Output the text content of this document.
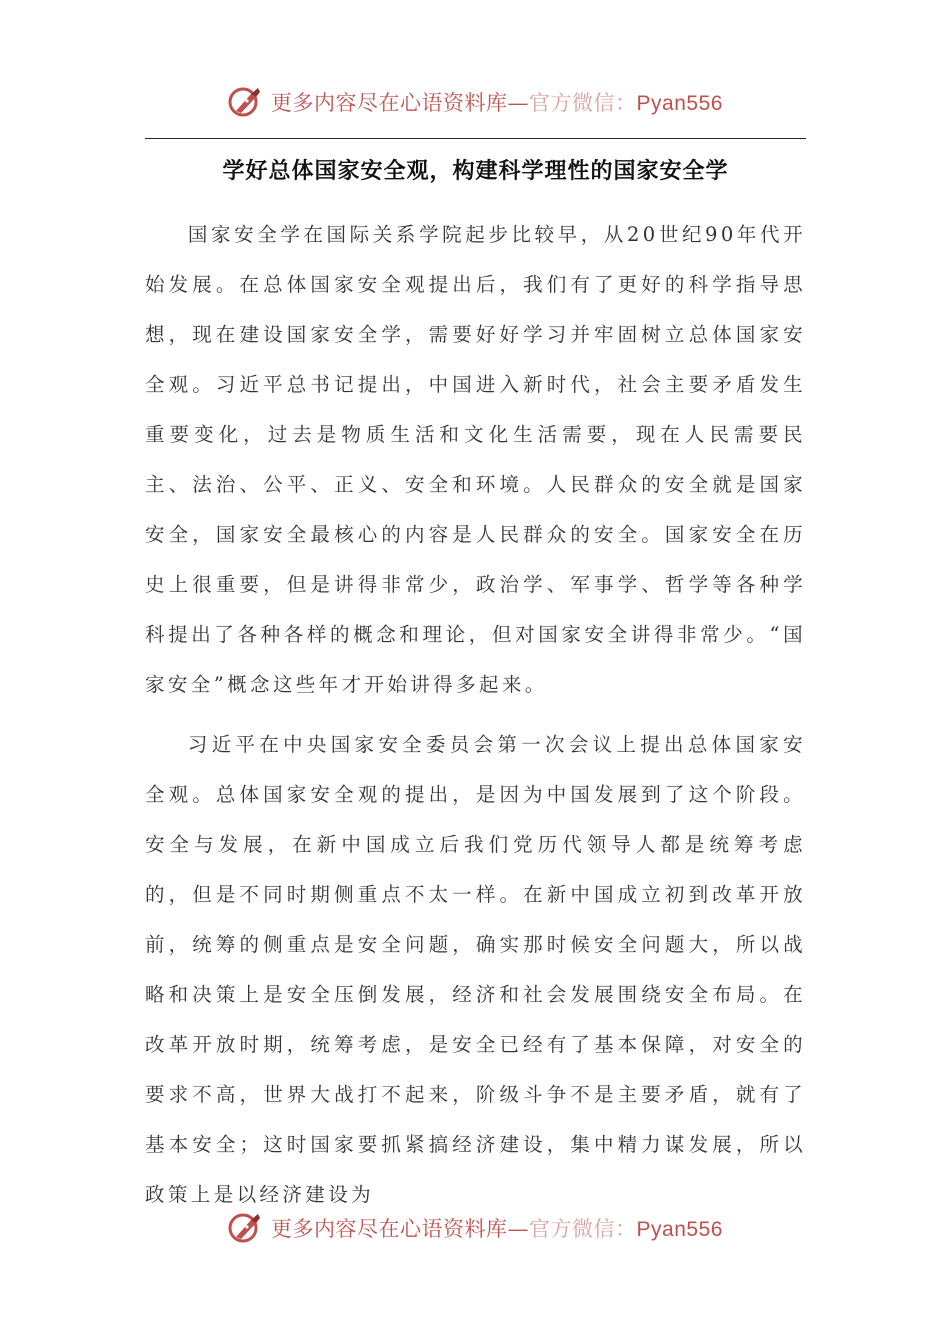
更多内容尽在心语资料库—官方微信：Pyan556
学好总体国家安全观，构建科学理性的国家安全学

国家安全学在国际关系学院起步比较早，从20世纪90年代开始发展。在总体国家安全观提出后，我们有了更好的科学指导思想，现在建设国家安全学，需要好好学习并牢固树立总体国家安全观。习近平总书记提出，中国进入新时代，社会主要矛盾发生重要变化，过去是物质生活和文化生活需要，现在人民需要民主、法治、公平、正义、安全和环境。人民群众的安全就是国家安全，国家安全最核心的内容是人民群众的安全。国家安全在历史上很重要，但是讲得非常少，政治学、军事学、哲学等各种学科提出了各种各样的概念和理论，但对国家安全讲得非常少。“国家安全”概念这些年才开始讲得多起来。

习近平在中央国家安全委员会第一次会议上提出总体国家安全观。总体国家安全观的提出，是因为中国发展到了这个阶段。安全与发展，在新中国成立后我们党历代领导人都是统筹考虑的，但是不同时期侧重点不太一样。在新中国成立初到改革开放前，统筹的侧重点是安全问题，确实那时候安全问题大，所以战略和决策上是安全压倒发展，经济和社会发展围绕安全布局。在改革开放时期，统筹考虑，是安全已经有了基本保障，对安全的要求不高，世界大战打不起来，阶级斗争不是主要矛盾，就有了基本安全；这时国家要抓紧搞经济建设，集中精力谋发展，所以政策上是以经济建设为

更多内容尽在心语资料库—官方微信：Pyan556
